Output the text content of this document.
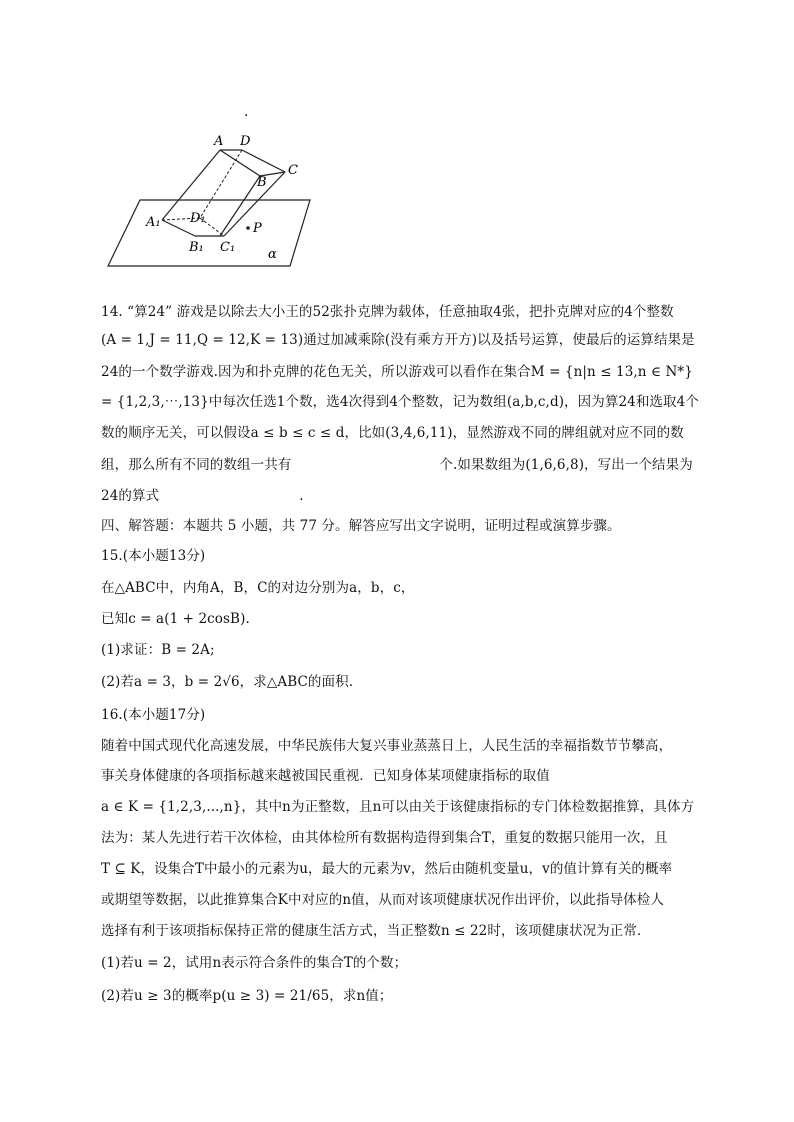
.
A D
C
B
A₁ D₁
B₁ C₁
P
α
14. “算24” 游戏是以除去大小王的52张扑克牌为载体，任意抽取4张，把扑克牌对应的4个整数
(A = 1,J = 11,Q = 12,K = 13)通过加减乘除(没有乘方开方)以及括号运算，使最后的运算结果是
24的一个数学游戏.因为和扑克牌的花色无关，所以游戏可以看作在集合M = {n|n ≤ 13,n ∈ N*}
= {1,2,3,⋯,13}中每次任选1个数，选4次得到4个整数，记为数组(a,b,c,d)，因为算24和选取4个
数的顺序无关，可以假设a ≤ b ≤ c ≤ d，比如(3,4,6,11)，显然游戏不同的牌组就对应不同的数
组，那么所有不同的数组一共有	个.如果数组为(1,6,6,8)，写出一个结果为
24的算式	.
四、解答题：本题共 5 小题，共 77 分。解答应写出文字说明，证明过程或演算步骤。
15.(本小题13分)
在△ABC中，内角A，B，C的对边分别为a，b，c，
已知c = a(1 + 2cosB).
(1)求证：B = 2A;
(2)若a = 3，b = 2√6，求△ABC的面积.
16.(本小题17分)
随着中国式现代化高速发展，中华民族伟大复兴事业蒸蒸日上，人民生活的幸福指数节节攀高，
事关身体健康的各项指标越来越被国民重视．已知身体某项健康指标的取值
a ∈ K = {1,2,3,...,n}，其中n为正整数，且n可以由关于该健康指标的专门体检数据推算，具体方
法为：某人先进行若干次体检，由其体检所有数据构造得到集合T，重复的数据只能用一次，且
T ⊆ K，设集合T中最小的元素为u，最大的元素为v，然后由随机变量u，v的值计算有关的概率
或期望等数据，以此推算集合K中对应的n值，从而对该项健康状况作出评价，以此指导体检人
选择有利于该项指标保持正常的健康生活方式，当正整数n ≤ 22时，该项健康状况为正常．
(1)若u = 2，试用n表示符合条件的集合T的个数；
(2)若u ≥ 3的概率p(u ≥ 3) = 21/65，求n值；
